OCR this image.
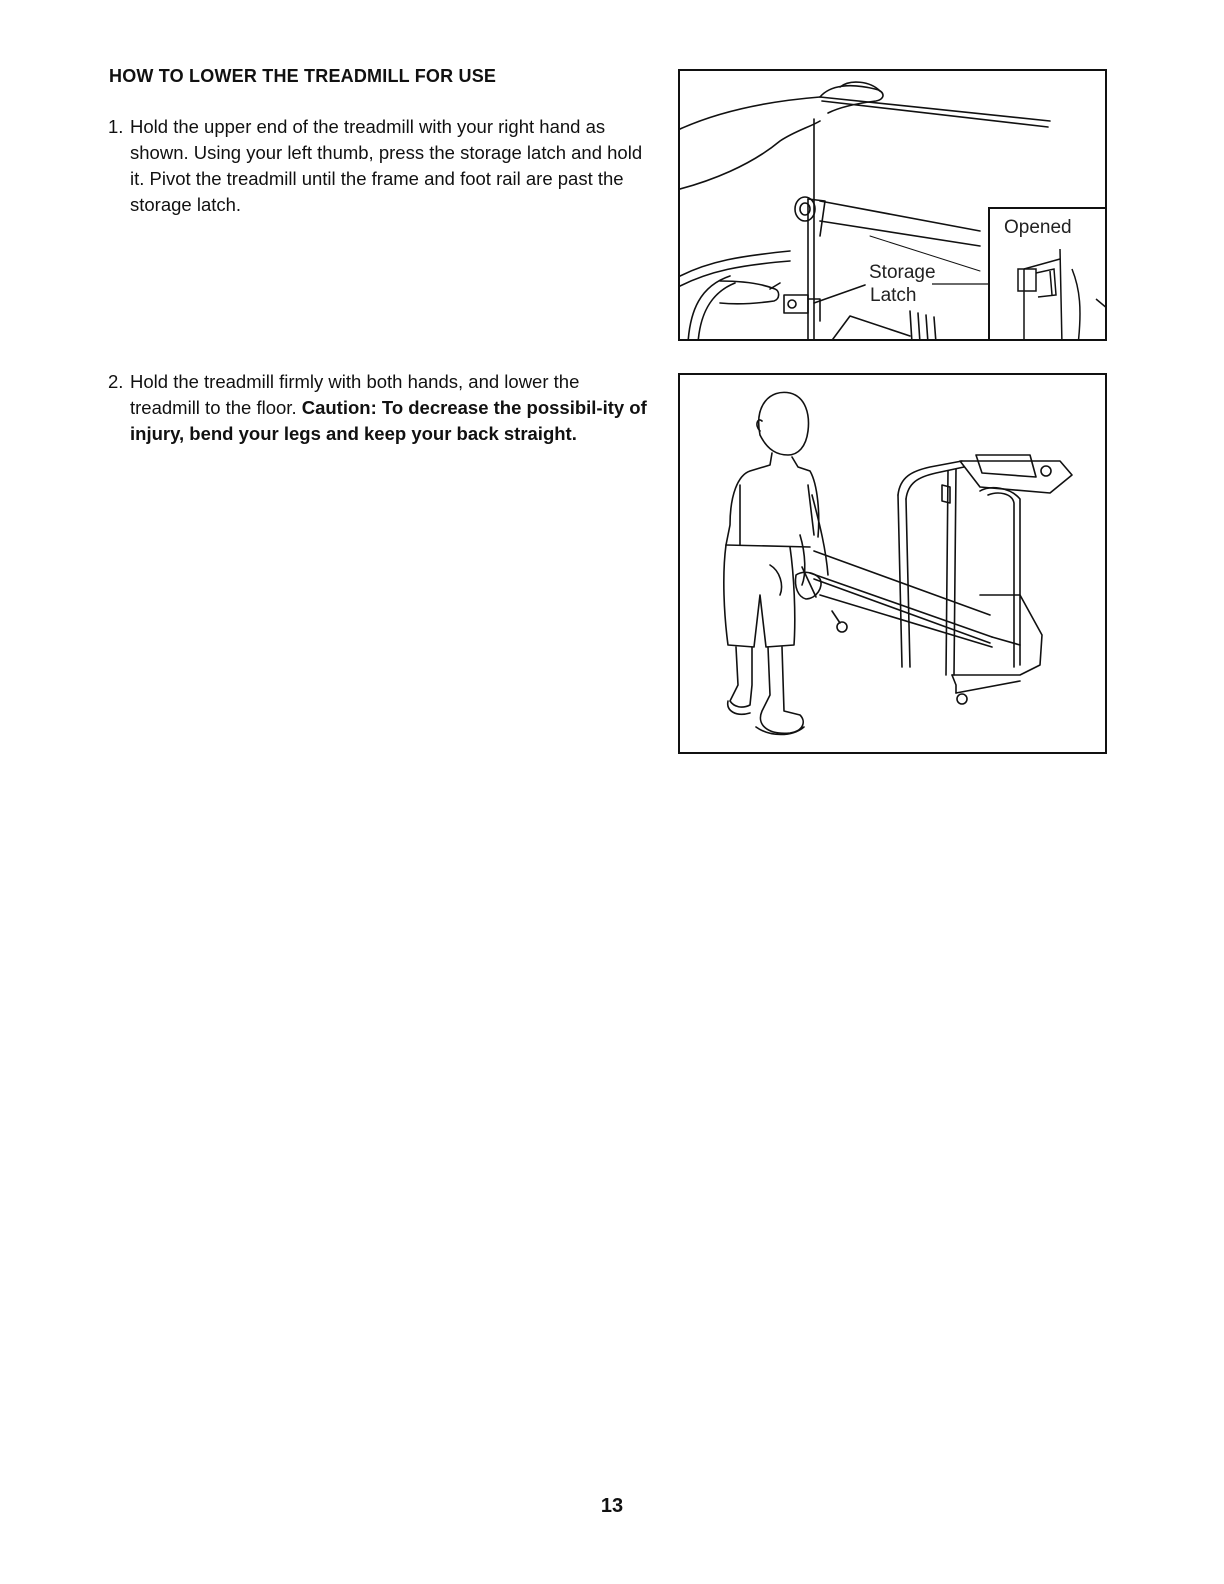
HOW TO LOWER THE TREADMILL FOR USE
1. Hold the upper end of the treadmill with your right hand as shown. Using your left thumb, press the storage latch and hold it. Pivot the treadmill until the frame and foot rail are past the storage latch.
2. Hold the treadmill firmly with both hands, and lower the treadmill to the floor. Caution: To decrease the possibil-ity of injury, bend your legs and keep your back straight.
Storage
Latch
Opened
13
